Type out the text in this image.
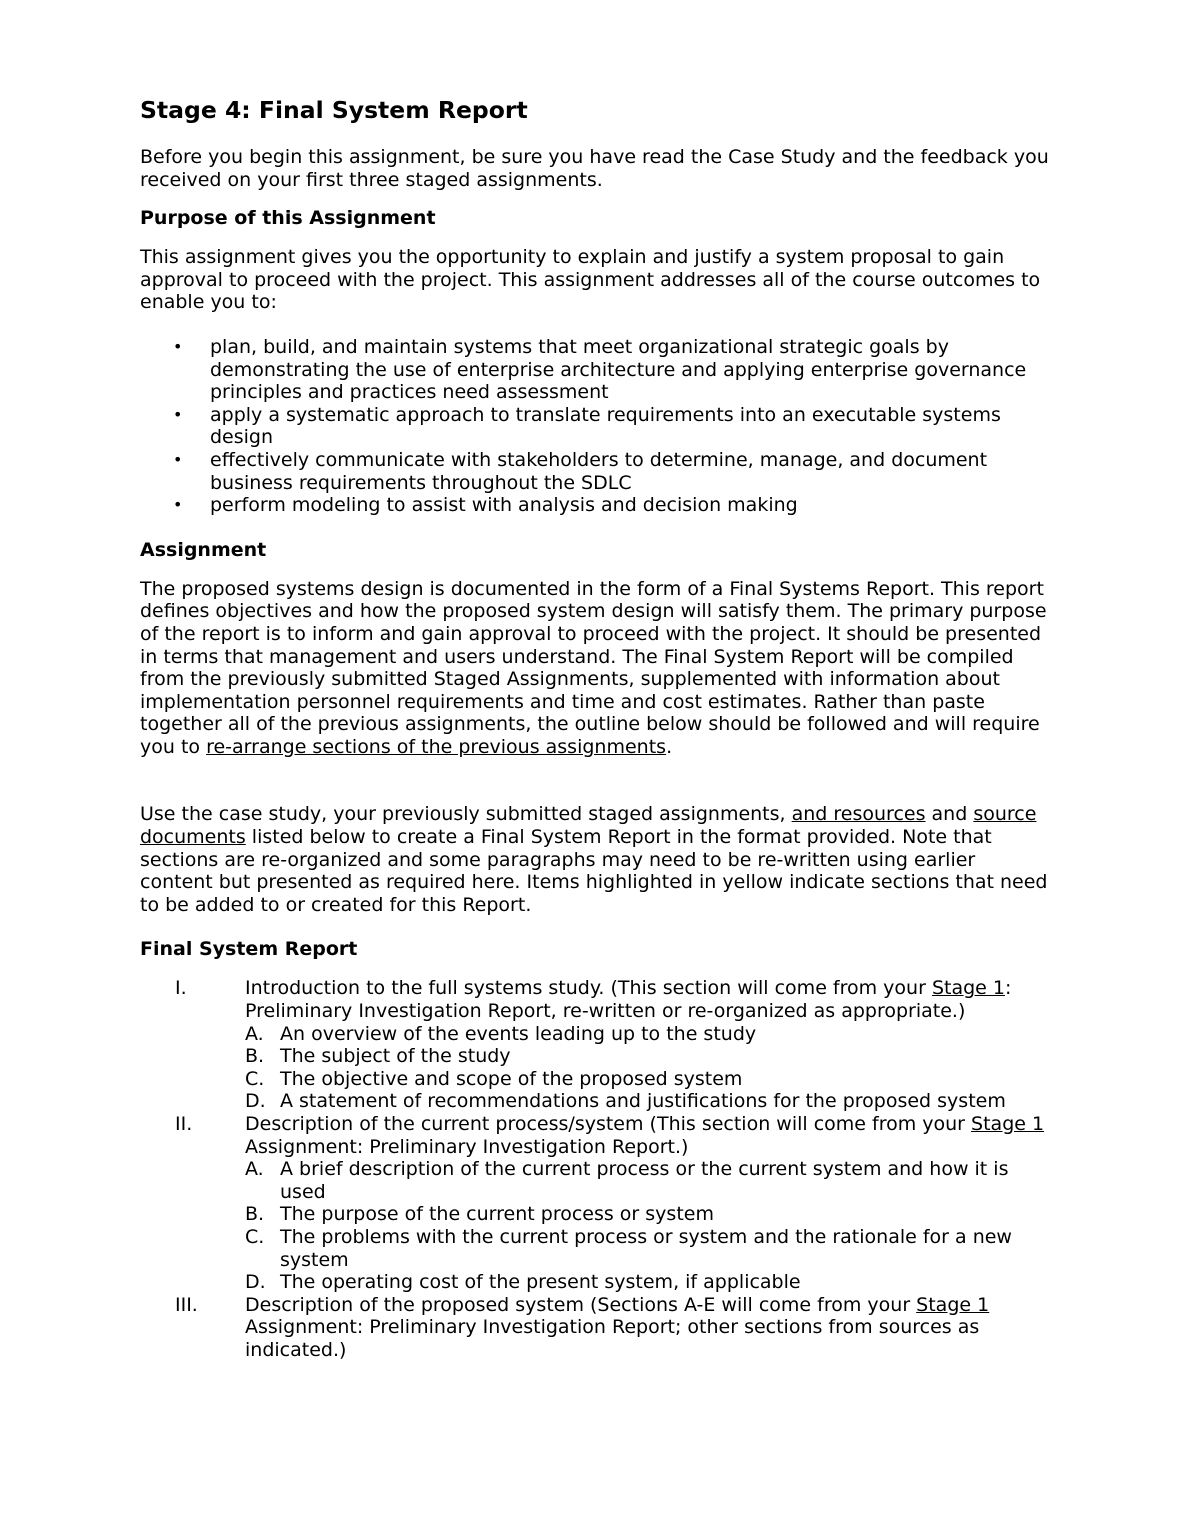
Stage 4: Final System Report

Before you begin this assignment, be sure you have read the Case Study and the feedback you received on your first three staged assignments.

Purpose of this Assignment

This assignment gives you the opportunity to explain and justify a system proposal to gain approval to proceed with the project. This assignment addresses all of the course outcomes to enable you to:

• plan, build, and maintain systems that meet organizational strategic goals by demonstrating the use of enterprise architecture and applying enterprise governance principles and practices need assessment
• apply a systematic approach to translate requirements into an executable systems design
• effectively communicate with stakeholders to determine, manage, and document business requirements throughout the SDLC
• perform modeling to assist with analysis and decision making
Assignment

The proposed systems design is documented in the form of a Final Systems Report. This report defines objectives and how the proposed system design will satisfy them. The primary purpose of the report is to inform and gain approval to proceed with the project. It should be presented in terms that management and users understand. The Final System Report will be compiled from the previously submitted Staged Assignments, supplemented with information about implementation personnel requirements and time and cost estimates. Rather than paste together all of the previous assignments, the outline below should be followed and will require you to re-arrange sections of the previous assignments.

Use the case study, your previously submitted staged assignments, and resources and source documents listed below to create a Final System Report in the format provided. Note that sections are re-organized and some paragraphs may need to be re-written using earlier content but presented as required here. Items highlighted in yellow indicate sections that need to be added to or created for this Report.

Final System Report
I.	Introduction to the full systems study. (This section will come from your Stage 1: Preliminary Investigation Report, re-written or re-organized as appropriate.)
A. An overview of the events leading up to the study
B. The subject of the study
C. The objective and scope of the proposed system
D. A statement of recommendations and justifications for the proposed system
II.	Description of the current process/system (This section will come from your Stage 1 Assignment: Preliminary Investigation Report.)
A. A brief description of the current process or the current system and how it is used
B. The purpose of the current process or system
C. The problems with the current process or system and the rationale for a new system
D. The operating cost of the present system, if applicable
III. Description of the proposed system (Sections A-E will come from your Stage 1 Assignment: Preliminary Investigation Report; other sections from sources as indicated.)
